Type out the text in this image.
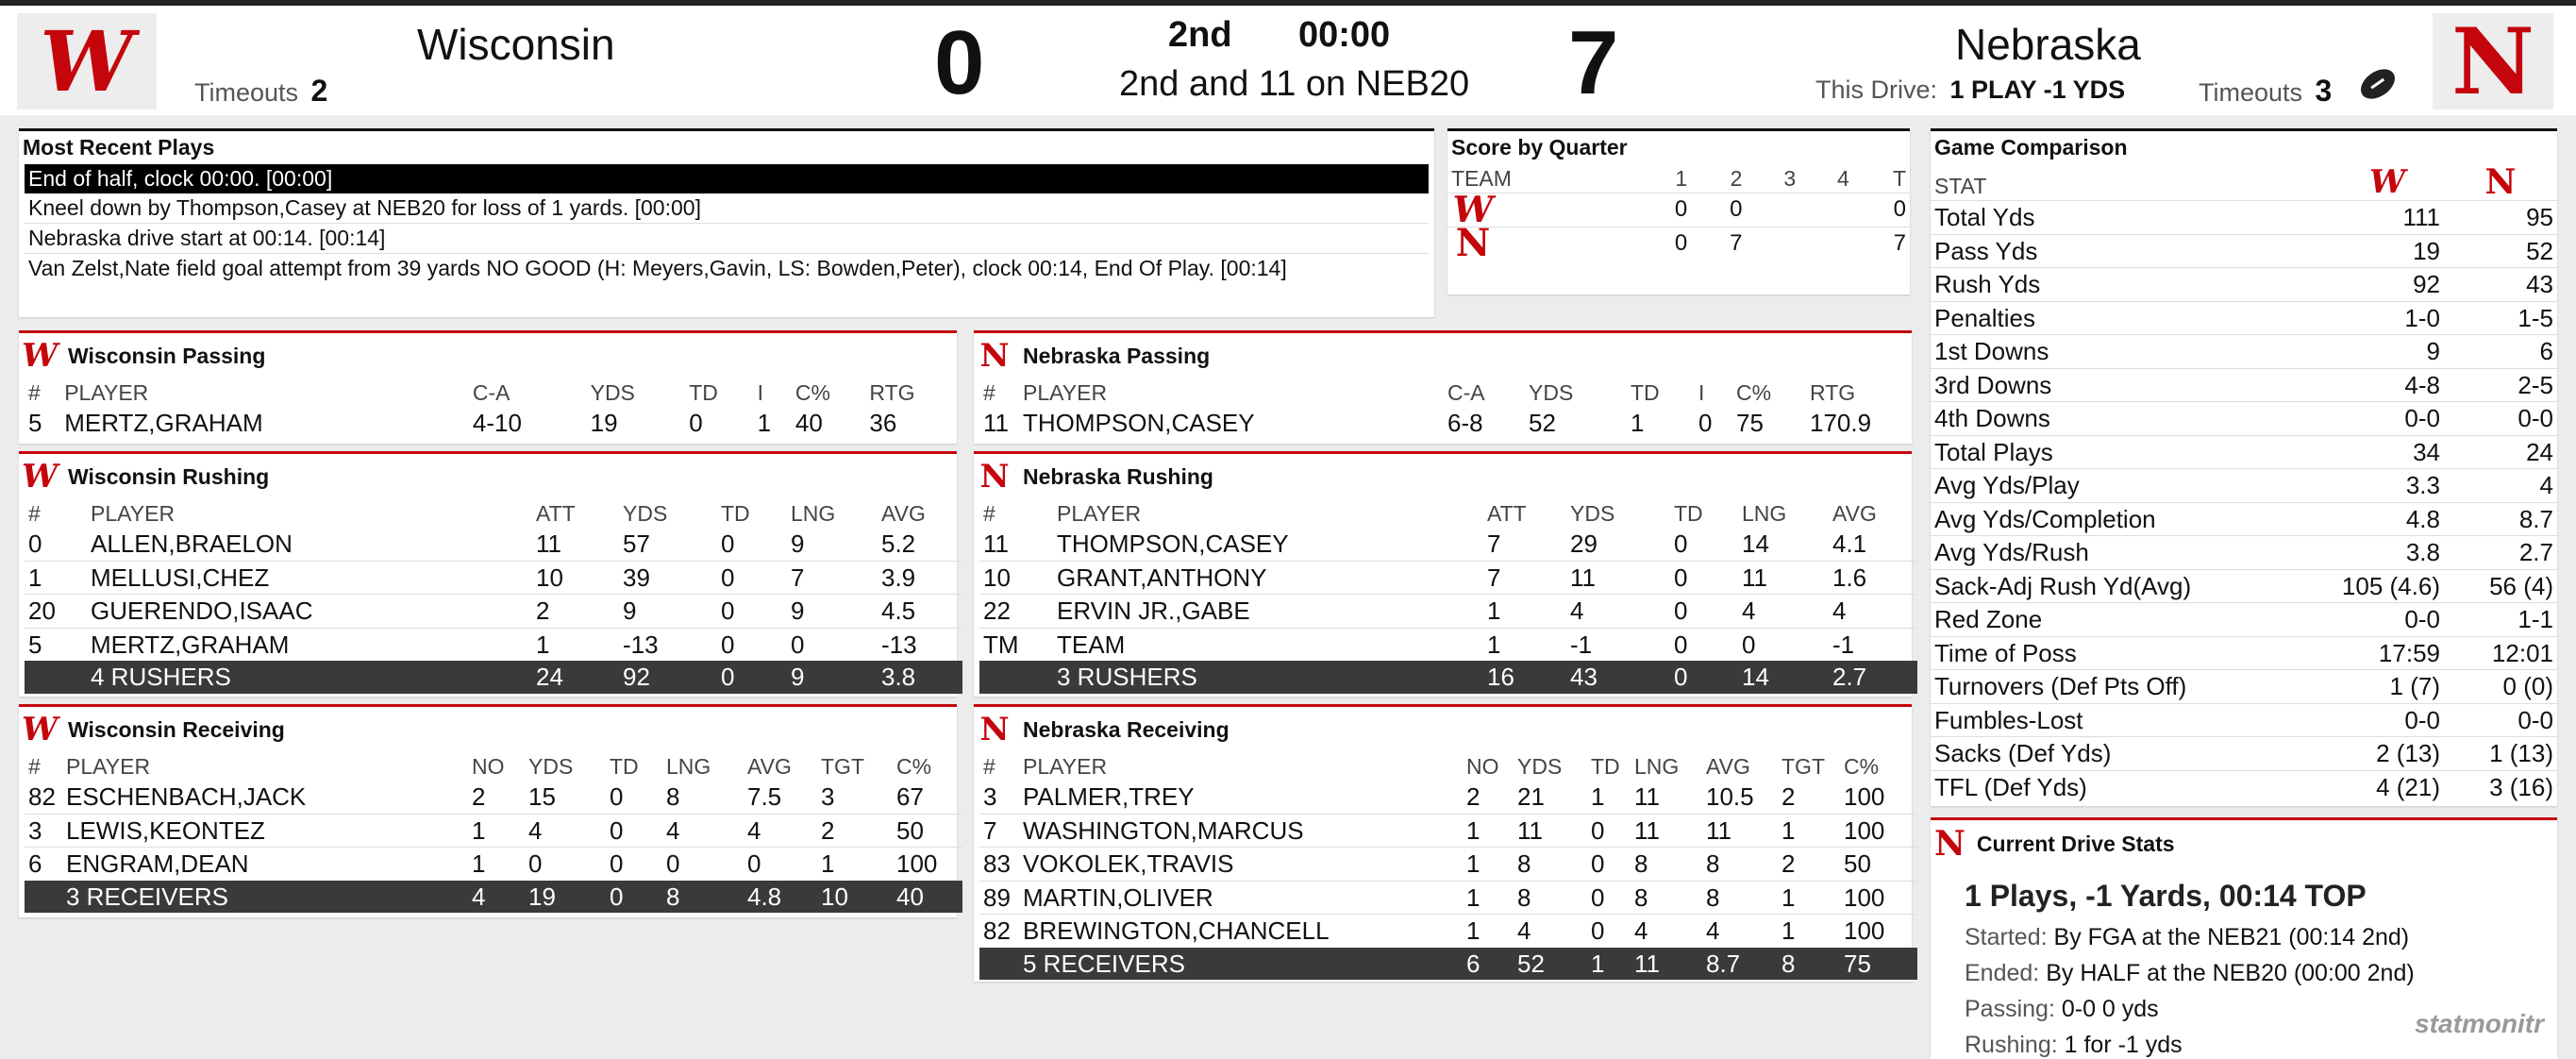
W	Wisconsin
Timeouts 2	0	2nd 00:00
2nd and 11 on NEB20 7	Nebraska
This Drive: 1 PLAY -1 YDS	Timeouts 3 N
Most Recent Plays
End of half, clock 00:00. [00:00]
Kneel down by Thompson,Casey at NEB20 for loss of 1 yards. [00:00]
Nebraska drive start at 00:14. [00:14]
Van Zelst,Nate field goal attempt from 39 yards NO GOOD (H: Meyers,Gavin, LS: Bowden,Peter), clock 00:14, End Of Play. [00:14]
Score by Quarter
TEAM	1	2	3	4	T

W	0	0			0

N	0	7			7
Game Comparison
STAT	W	N

Total Yds	111	95
Pass Yds	19	52
Rush Yds	92	43
Penalties	1-0	1-5
1st Downs	9	6
3rd Downs	4-8	2-5
4th Downs	0-0	0-0
Total Plays	34	24
Avg Yds/Play	3.3	4
Avg Yds/Completion	4.8	8.7
Avg Yds/Rush	3.8	2.7
Sack-Adj Rush Yd(Avg)	105 (4.6)	56 (4)
Red Zone	0-0	1-1
Time of Poss	17:59	12:01
Turnovers (Def Pts Off)	1 (7)	0 (0)
Fumbles-Lost	0-0	0-0
Sacks (Def Yds)	2 (13)	1 (13)
TFL (Def Yds)	4 (21)	3 (16)
N Current Drive Stats
1 Plays, -1 Yards, 00:14 TOP
Started: By FGA at the NEB21 (00:14 2nd)
Ended: By HALF at the NEB20 (00:00 2nd)
Passing: 0-0 0 yds
Rushing: 1 for -1 yds
statmonitr
W Wisconsin Passing
#	PLAYER	C-A	YDS	TD	I	C%	RTG
5	MERTZ,GRAHAM	4-10	19	0	1	40	36
N Nebraska Passing
#	PLAYER	C-A	YDS	TD	I	C%	RTG
11	THOMPSON,CASEY	6-8	52	1	0	75	170.9
W Wisconsin Rushing
#	PLAYER	ATT	YDS	TD	LNG	AVG
0	ALLEN,BRAELON	11	57	0	9	5.2
1	MELLUSI,CHEZ	10	39	0	7	3.9
20	GUERENDO,ISAAC	2	9	0	9	4.5
5	MERTZ,GRAHAM	1	-13	0	0	-13
	4 RUSHERS	24	92	0	9	3.8
N Nebraska Rushing
#	PLAYER	ATT	YDS	TD	LNG	AVG
11	THOMPSON,CASEY	7	29	0	14	4.1
10	GRANT,ANTHONY	7	11	0	11	1.6
22	ERVIN JR.,GABE	1	4	0	4	4
TM	TEAM	1	-1	0	0	-1
	3 RUSHERS	16	43	0	14	2.7
W Wisconsin Receiving
#	PLAYER	NO	YDS	TD	LNG	AVG	TGT	C%
82	ESCHENBACH,JACK	2	15	0	8	7.5	3	67
3	LEWIS,KEONTEZ	1	4	0	4	4	2	50
6	ENGRAM,DEAN	1	0	0	0	0	1	100
	3 RECEIVERS	4	19	0	8	4.8	10	40
N Nebraska Receiving
#	PLAYER	NO	YDS	TD	LNG	AVG	TGT	C%
3	PALMER,TREY	2	21	1	11	10.5	2	100
7	WASHINGTON,MARCUS	1	11	0	11	11	1	100
83	VOKOLEK,TRAVIS	1	8	0	8	8	2	50
89	MARTIN,OLIVER	1	8	0	8	8	1	100
82	BREWINGTON,CHANCELL	1	4	0	4	4	1	100
	5 RECEIVERS	6	52	1	11	8.7	8	75
